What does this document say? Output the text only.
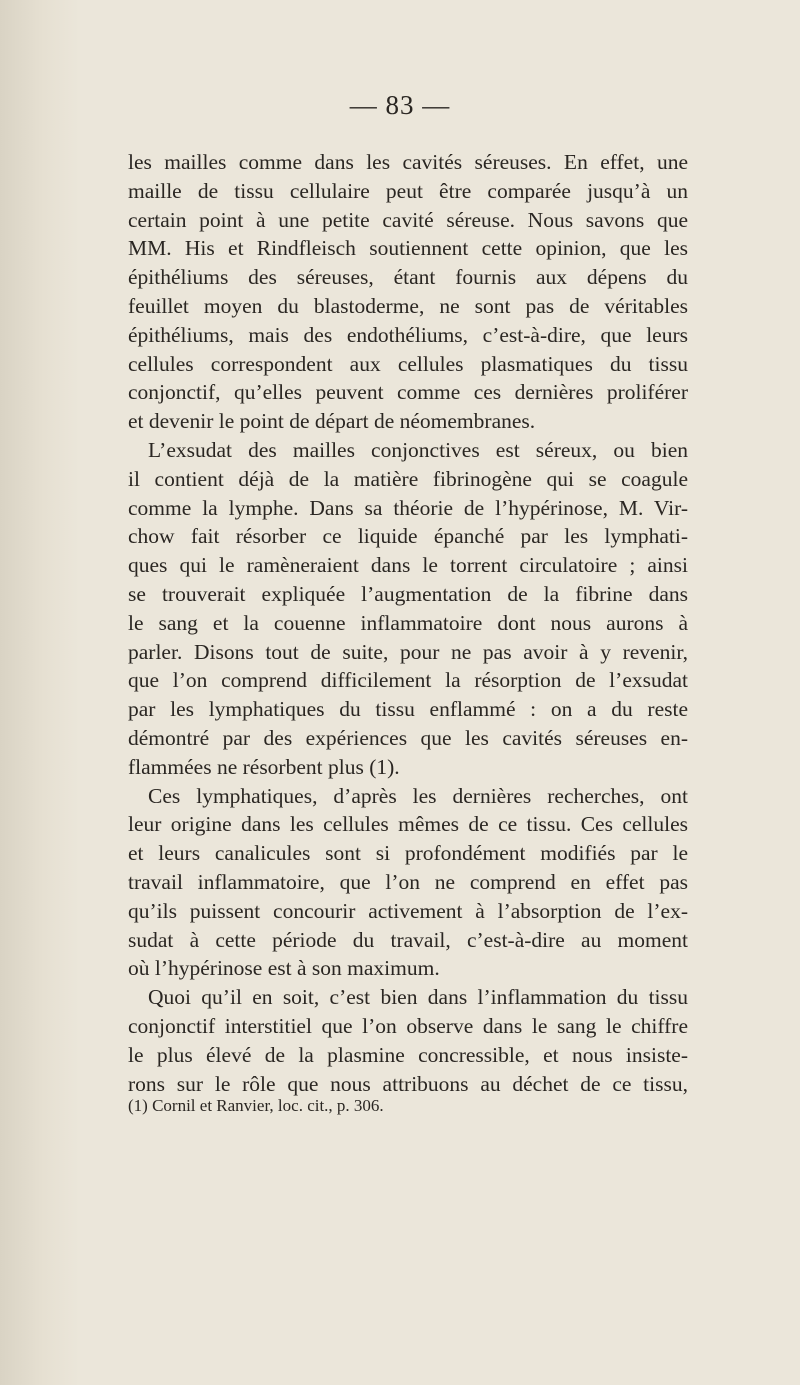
— 83 —
les mailles comme dans les cavités séreuses. En effet, une
maille de tissu cellulaire peut être comparée jusqu’à un
certain point à une petite cavité séreuse. Nous savons que
MM. His et Rindfleisch soutiennent cette opinion, que les
épithéliums des séreuses, étant fournis aux dépens du
feuillet moyen du blastoderme, ne sont pas de véritables
épithéliums, mais des endothéliums, c’est-à-dire, que leurs
cellules correspondent aux cellules plasmatiques du tissu
conjonctif, qu’elles peuvent comme ces dernières proliférer
et devenir le point de départ de néomembranes.
L’exsudat des mailles conjonctives est séreux, ou bien
il contient déjà de la matière fibrinogène qui se coagule
comme la lymphe. Dans sa théorie de l’hypérinose, M. Vir-
chow fait résorber ce liquide épanché par les lymphati-
ques qui le ramèneraient dans le torrent circulatoire ; ainsi
se trouverait expliquée l’augmentation de la fibrine dans
le sang et la couenne inflammatoire dont nous aurons à
parler. Disons tout de suite, pour ne pas avoir à y revenir,
que l’on comprend difficilement la résorption de l’exsudat
par les lymphatiques du tissu enflammé : on a du reste
démontré par des expériences que les cavités séreuses en-
flammées ne résorbent plus (1).
Ces lymphatiques, d’après les dernières recherches, ont
leur origine dans les cellules mêmes de ce tissu. Ces cellules
et leurs canalicules sont si profondément modifiés par le
travail inflammatoire, que l’on ne comprend en effet pas
qu’ils puissent concourir activement à l’absorption de l’ex-
sudat à cette période du travail, c’est-à-dire au moment
où l’hypérinose est à son maximum.
Quoi qu’il en soit, c’est bien dans l’inflammation du tissu
conjonctif interstitiel que l’on observe dans le sang le chiffre
le plus élevé de la plasmine concressible, et nous insiste-
rons sur le rôle que nous attribuons au déchet de ce tissu,
(1) Cornil et Ranvier, loc. cit., p. 306.
